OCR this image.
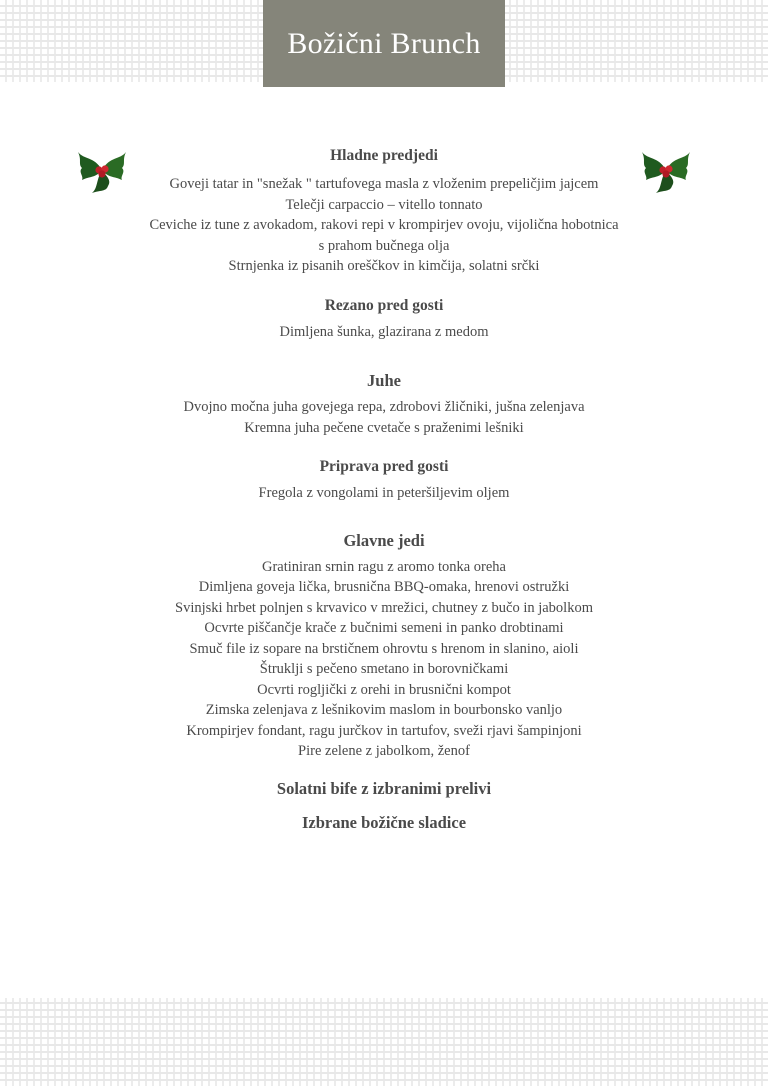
Božični Brunch

Hladne predjedi

Goveji tatar in "snežak " tartufovega masla z vloženim prepeličjim jajcem

Telečji carpaccio – vitello tonnato

Ceviche iz tune z avokadom, rakovi repi v krompirjev ovoju, vijolična hobotnica

s prahom bučnega olja

Strnjenka iz pisanih oreščkov in kimčija, solatni srčki

Rezano pred gosti

Dimljena šunka, glazirana z medom

Juhe

Dvojno močna juha govejega repa, zdrobovi žličniki, jušna zelenjava

Kremna juha pečene cvetače s praženimi lešniki

Priprava pred gosti

Fregola z vongolami in peteršiljevim oljem

Glavne jedi

Gratiniran srnin ragu z aromo tonka oreha

Dimljena goveja lička, brusnična BBQ-omaka, hrenovi ostružki

Svinjski hrbet polnjen s krvavico v mrežici, chutney z bučo in jabolkom

Ocvrte piščančje krače z bučnimi semeni in panko drobtinami

Smuč file iz sopare na brstičnem ohrovtu s hrenom in slanino, aioli

Štruklji s pečeno smetano in borovničkami

Ocvrti roglji​čki z orehi in brusnični kompot

Zimska zelenjava z lešnikovim maslom in bourbonsko vanljo

Krompirjev fondant, ragu jurčkov in tartufov, sveži rjavi šampinjoni

Pire zelene z jabolkom, ženof

Solatni bife z izbranimi prelivi

Izbrane božične sladice
